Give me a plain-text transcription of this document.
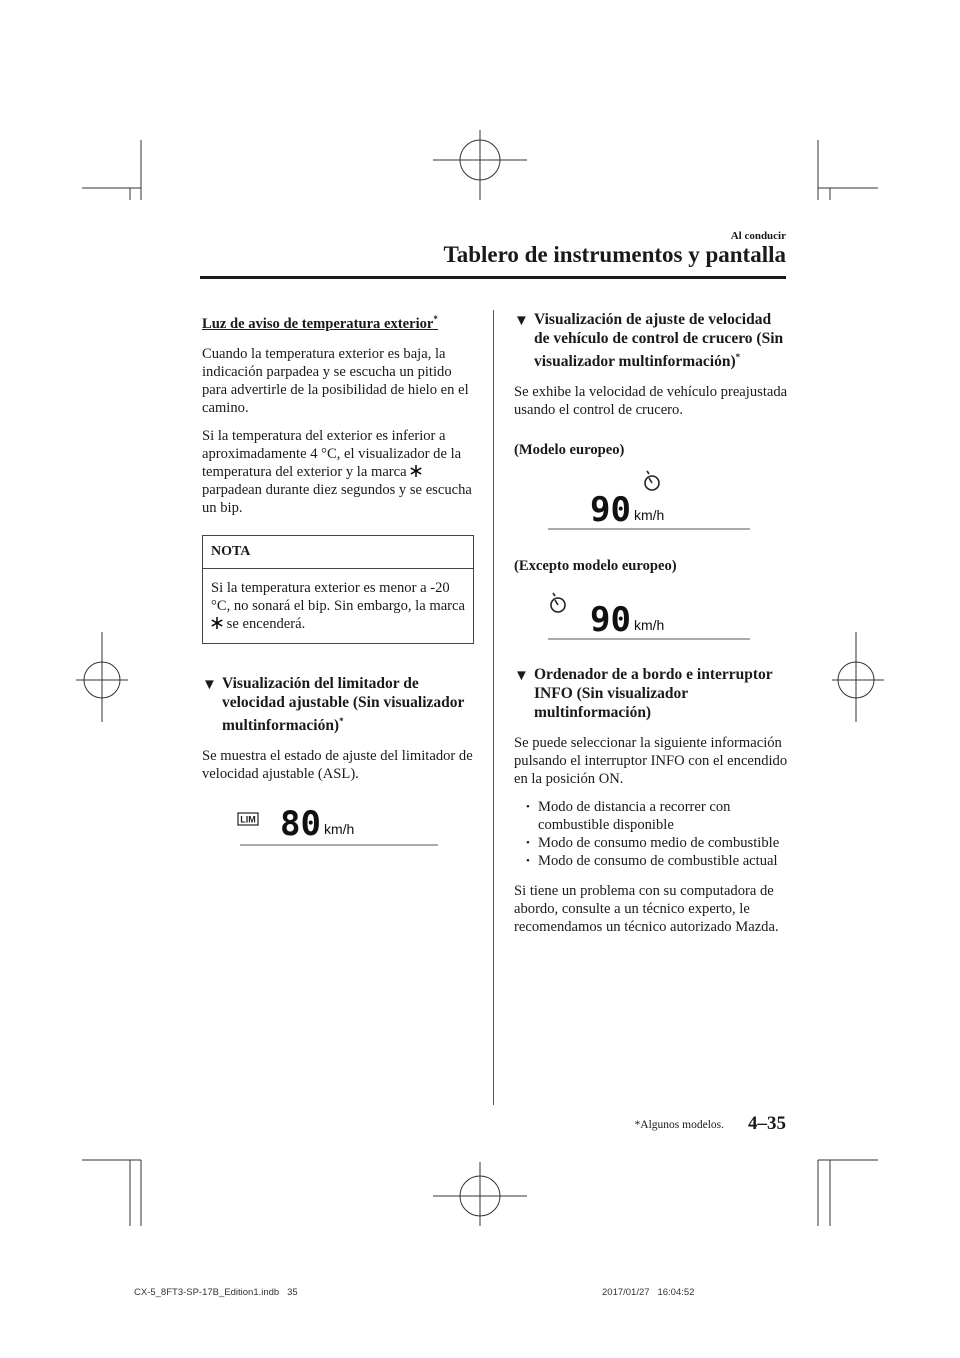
Al conducir
Tablero de instrumentos y pantalla
Luz de aviso de temperatura exterior*

Cuando la temperatura exterior es baja, la indicación parpadea y se escucha un pitido para advertirle de la posibilidad de hielo en el camino.

Si la temperatura del exterior es inferior a aproximadamente 4 °C, el visualizador de la temperatura del exterior y la marca  parpadean durante diez segundos y se escucha un bip.

NOTA
Si la temperatura exterior es menor a -20 °C, no sonará el bip. Sin embargo, la marca  se encenderá.
▼ Visualización del limitador de velocidad ajustable (Sin visualizador multinformación)*

Se muestra el estado de ajuste del limitador de velocidad ajustable (ASL).

LIM 80 km/h
▼ Visualización de ajuste de velocidad de vehículo de control de crucero (Sin visualizador multinformación)*

Se exhibe la velocidad de vehículo preajustada usando el control de crucero.

(Modelo europeo)
90 km/h
(Excepto modelo europeo)
90 km/h
▼ Ordenador de a bordo e interruptor INFO (Sin visualizador multinformación)

Se puede seleccionar la siguiente información pulsando el interruptor INFO con el encendido en la posición ON.

• Modo de distancia a recorrer con combustible disponible
• Modo de consumo medio de combustible
• Modo de consumo de combustible actual

Si tiene un problema con su computadora de abordo, consulte a un técnico experto, le recomendamos un técnico autorizado Mazda.

*Algunos modelos. 4–35
CX-5_8FT3-SP-17B_Edition1.indb   35	2017/01/27   16:04:52
